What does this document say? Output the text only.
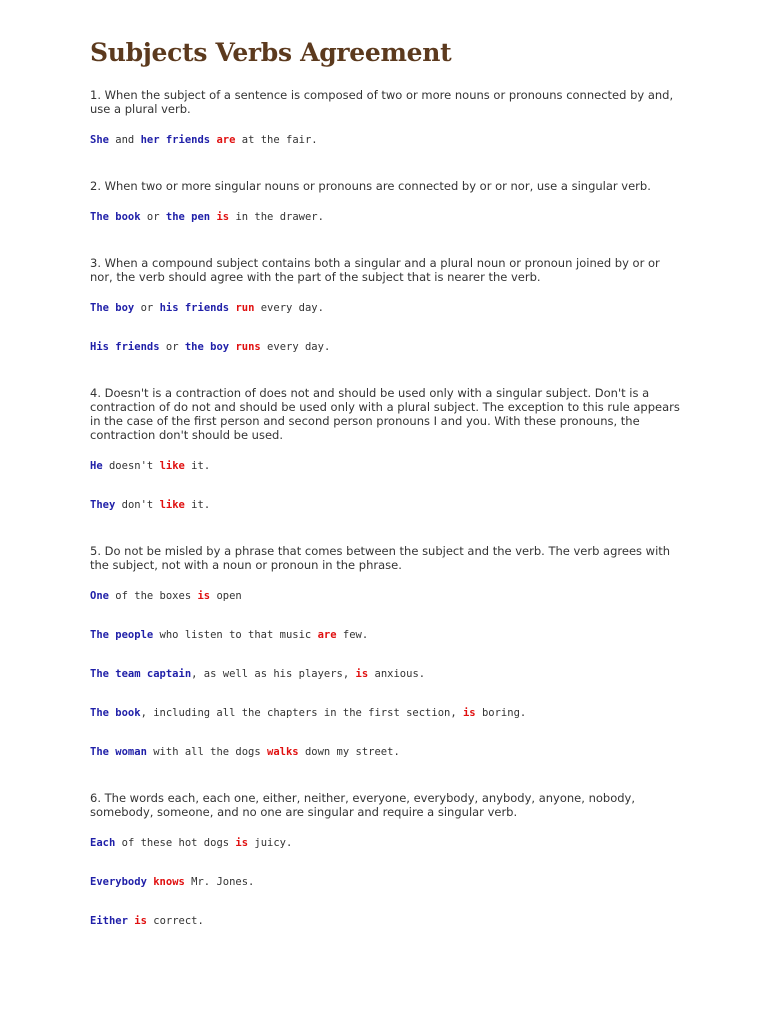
Subjects Verbs Agreement

1. When the subject of a sentence is composed of two or more nouns or pronouns connected by and, use a plural verb.

She and her friends are at the fair.

2. When two or more singular nouns or pronouns are connected by or or nor, use a singular verb.

The book or the pen is in the drawer.

3. When a compound subject contains both a singular and a plural noun or pronoun joined by or or nor, the verb should agree with the part of the subject that is nearer the verb.

The boy or his friends run every day.

His friends or the boy runs every day.

4. Doesn't is a contraction of does not and should be used only with a singular subject. Don't is a contraction of do not and should be used only with a plural subject. The exception to this rule appears in the case of the first person and second person pronouns I and you. With these pronouns, the contraction don't should be used.

He doesn't like it.

They don't like it.

5. Do not be misled by a phrase that comes between the subject and the verb. The verb agrees with the subject, not with a noun or pronoun in the phrase.

One of the boxes is open

The people who listen to that music are few.

The team captain, as well as his players, is anxious.

The book, including all the chapters in the first section, is boring.

The woman with all the dogs walks down my street.

6. The words each, each one, either, neither, everyone, everybody, anybody, anyone, nobody, somebody, someone, and no one are singular and require a singular verb.

Each of these hot dogs is juicy.

Everybody knows Mr. Jones.

Either is correct.
